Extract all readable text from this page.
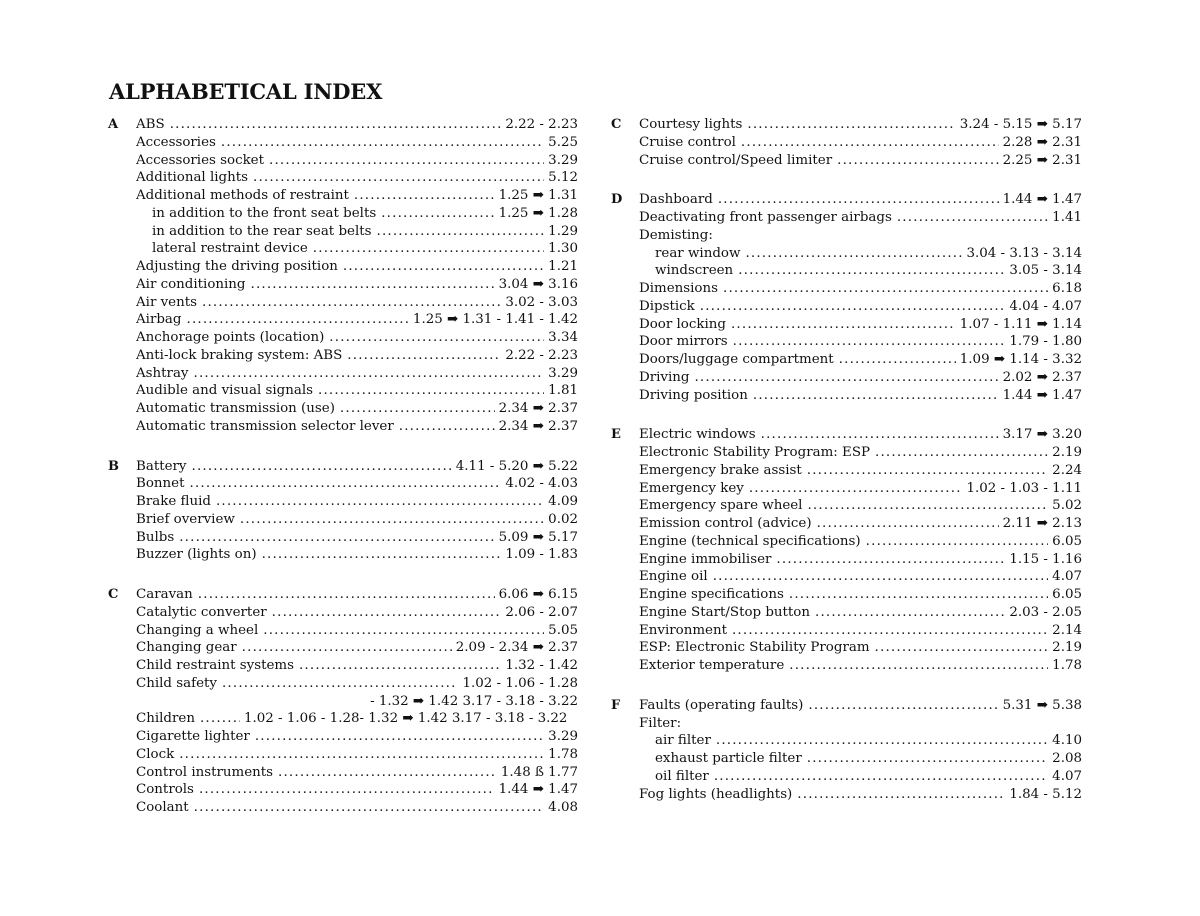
ALPHABETICAL INDEX
A ABS .....	2.22 - 2.23
Accessories .....	5.25
Accessories socket .....	3.29
Additional lights .....	5.12
Additional methods of restraint .....	1.25 ➡ 1.31
in addition to the front seat belts .....	1.25 ➡ 1.28
in addition to the rear seat belts .....	1.29
lateral restraint device .....	1.30
Adjusting the driving position .....	1.21
Air conditioning .....	3.04 ➡ 3.16
Air vents .....	3.02 - 3.03
Airbag .....	1.25 ➡ 1.31 - 1.41 - 1.42
Anchorage points (location) .....	3.34
Anti-lock braking system: ABS .....	2.22 - 2.23
Ashtray .....	3.29
Audible and visual signals .....	1.81
Automatic transmission (use) .....	2.34 ➡ 2.37
Automatic transmission selector lever .....	2.34 ➡ 2.37
B Battery .....	4.11 - 5.20 ➡ 5.22
Bonnet .....	4.02 - 4.03
Brake fluid .....	4.09
Brief overview .....	0.02
Bulbs .....	5.09 ➡ 5.17
Buzzer (lights on) .....	1.09 - 1.83
C Caravan .....	6.06 ➡ 6.15
Catalytic converter .....	2.06 - 2.07
Changing a wheel .....	5.05
Changing gear .....	2.09 - 2.34 ➡ 2.37
Child restraint systems .....	1.32 - 1.42
Child safety .....	1.02 - 1.06 - 1.28
- 1.32 ➡ 1.42 3.17 - 3.18 - 3.22
Children .....	1.02 - 1.06 - 1.28- 1.32 ➡ 1.42 3.17 - 3.18 - 3.22
Cigarette lighter .....	3.29
Clock .....	1.78
Control instruments .....	1.48 ß 1.77
Controls .....	1.44 ➡ 1.47
Coolant .....	4.08
C Courtesy lights .....	3.24 - 5.15 ➡ 5.17
Cruise control .....	2.28 ➡ 2.31
Cruise control/Speed limiter .....	2.25 ➡ 2.31
D Dashboard .....	1.44 ➡ 1.47
Deactivating front passenger airbags .....	1.41
Demisting:
rear window .....	3.04 - 3.13 - 3.14
windscreen .....	3.05 - 3.14
Dimensions .....	6.18
Dipstick .....	4.04 - 4.07
Door locking .....	1.07 - 1.11 ➡ 1.14
Door mirrors .....	1.79 - 1.80
Doors/luggage compartment .....	1.09 ➡ 1.14 - 3.32
Driving .....	2.02 ➡ 2.37
Driving position .....	1.44 ➡ 1.47
E Electric windows .....	3.17 ➡ 3.20
Electronic Stability Program: ESP .....	2.19
Emergency brake assist .....	2.24
Emergency key .....	1.02 - 1.03 - 1.11
Emergency spare wheel .....	5.02
Emission control (advice) .....	2.11 ➡ 2.13
Engine (technical specifications) .....	6.05
Engine immobiliser .....	1.15 - 1.16
Engine oil .....	4.07
Engine specifications .....	6.05
Engine Start/Stop button .....	2.03 - 2.05
Environment .....	2.14
ESP: Electronic Stability Program .....	2.19
Exterior temperature .....	1.78
F Faults (operating faults) .....	5.31 ➡ 5.38
Filter:
air filter .....	4.10
exhaust particle filter .....	2.08
oil filter .....	4.07
Fog lights (headlights) .....	1.84 - 5.12
